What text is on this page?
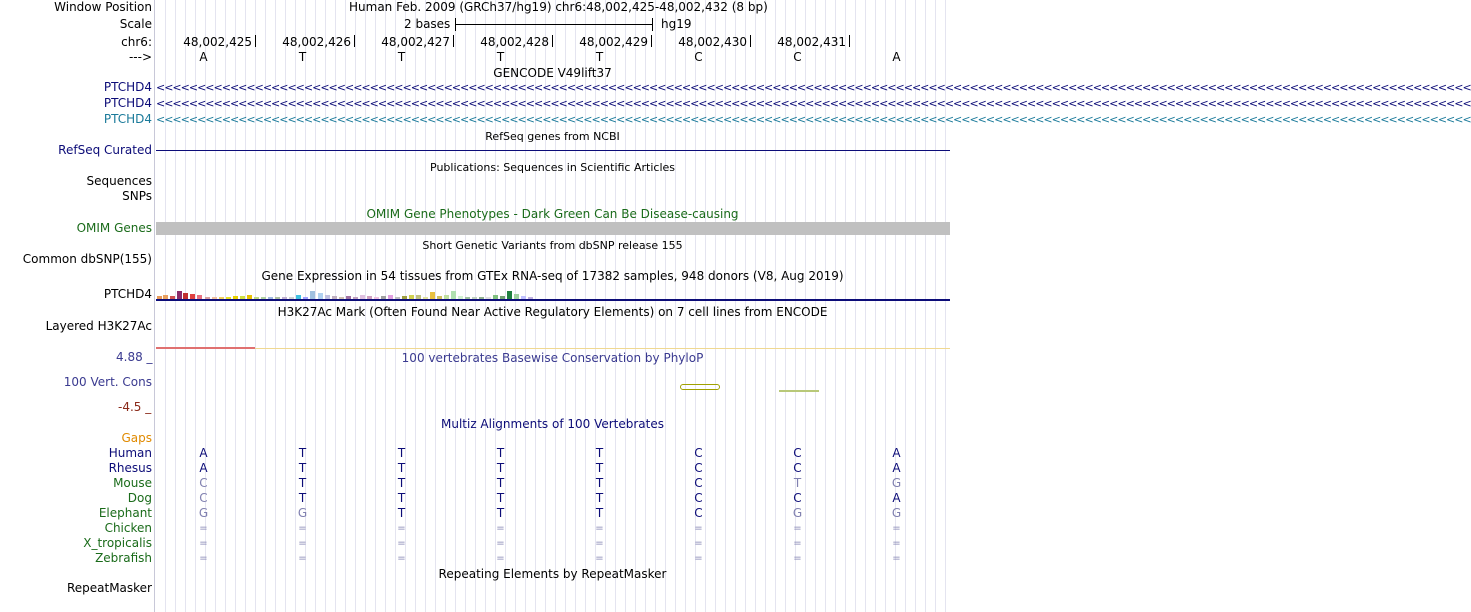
Window Position	Human Feb. 2009 (GRCh37/hg19) chr6:48,002,425-48,002,432 (8 bp)
Scale	2 bases	hg19
chr6:	48,002,425	48,002,426	48,002,427	48,002,428	48,002,429	48,002,430	48,002,431
--->	A	T	T	T	T	C	C	A
GENCODE V49lift37
PTCHD4 <<<<<<<<<<<<<<<<<<<<<<<<<<<<<<<<<<<<<<<<<<<<<<<<<<<<<<<<<<<<<<<<<<<<<<<<<<<<<<<<<<<<<<<<<<<<<<<<<<<<<<<<<<<<<<<<<<<<<<<<<<<<<<<<<<<<<<<<<<<<<<<<<<<<<<<<<<<<<<<<
PTCHD4 <<<<<<<<<<<<<<<<<<<<<<<<<<<<<<<<<<<<<<<<<<<<<<<<<<<<<<<<<<<<<<<<<<<<<<<<<<<<<<<<<<<<<<<<<<<<<<<<<<<<<<<<<<<<<<<<<<<<<<<<<<<<<<<<<<<<<<<<<<<<<<<<<<<<<<<<<<<<<<<<
PTCHD4 <<<<<<<<<<<<<<<<<<<<<<<<<<<<<<<<<<<<<<<<<<<<<<<<<<<<<<<<<<<<<<<<<<<<<<<<<<<<<<<<<<<<<<<<<<<<<<<<<<<<<<<<<<<<<<<<<<<<<<<<<<<<<<<<<<<<<<<<<<<<<<<<<<<<<<<<<<<<<<<<
RefSeq genes from NCBI
RefSeq Curated
Publications: Sequences in Scientific Articles
Sequences
SNPs
OMIM Gene Phenotypes - Dark Green Can Be Disease-causing
OMIM Genes
Short Genetic Variants from dbSNP release 155
Common dbSNP(155)
Gene Expression in 54 tissues from GTEx RNA-seq of 17382 samples, 948 donors (V8, Aug 2019)
PTCHD4
H3K27Ac Mark (Often Found Near Active Regulatory Elements) on 7 cell lines from ENCODE
Layered H3K27Ac
4.88 _	100 vertebrates Basewise Conservation by PhyloP
100 Vert. Cons
-4.5 _
Multiz Alignments of 100 Vertebrates
Gaps
Human	A	T	T	T	T	C	C	A
Rhesus	A	T	T	T	T	C	C	A
Mouse	C	T	T	T	T	C	T	G
Dog	C	T	T	T	T	C	C	A
Elephant	G	G	T	T	T	C	G	G
Chicken	=	=	=	=	=	=	=	=
X_tropicalis	=	=	=	=	=	=	=	=
Zebrafish	=	=	=	=	=	=	=	=
Repeating Elements by RepeatMasker
RepeatMasker
